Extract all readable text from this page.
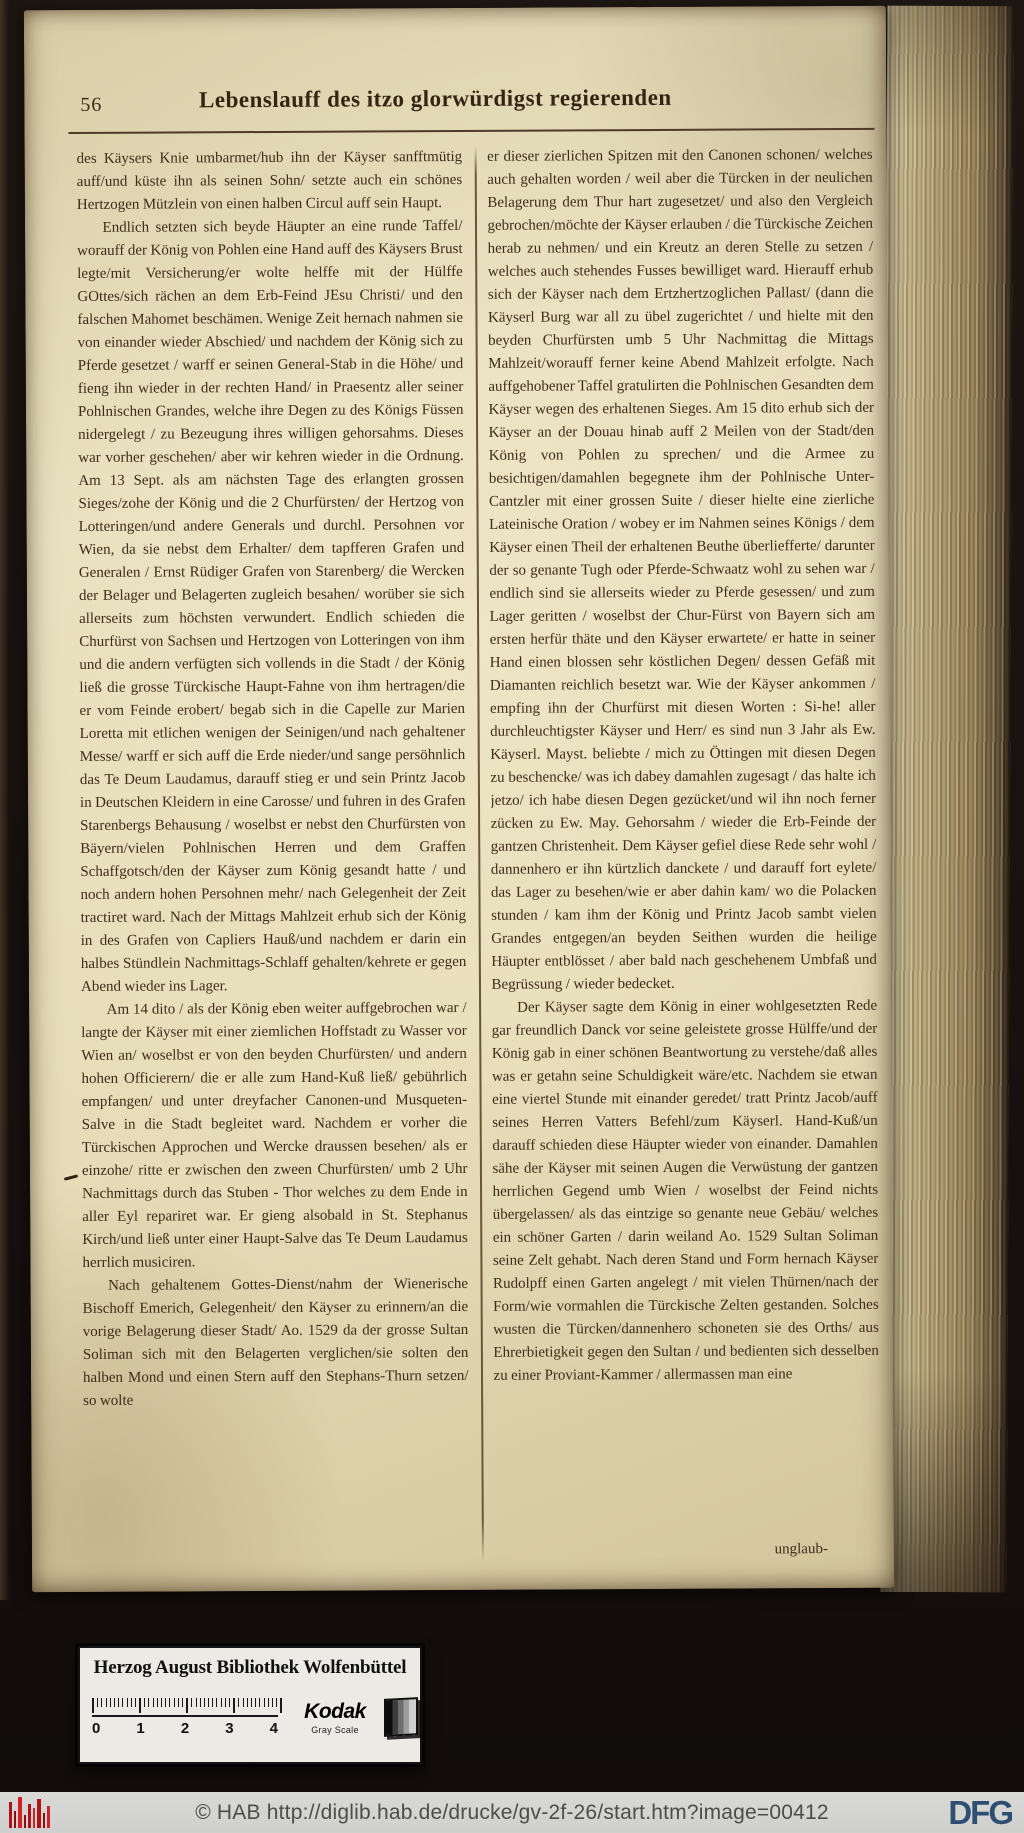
56	Lebenslauff des itzo glorwürdigst regierenden

des Käysers Knie umbarmet/hub ihn der Käyser sanfftmütig auff/und küste ihn als seinen Sohn/ setzte auch ein schönes Hertzogen Mützlein von einen halben Circul auff sein Haupt.

Endlich setzten sich beyde Häupter an eine runde Taffel/ worauff der König von Pohlen eine Hand auff des Käysers Brust legte/mit Versicherung/er wolte helffe mit der Hülffe GOttes/sich rächen an dem Erb-Feind JEsu Christi/ und den falschen Mahomet beschämen. Wenige Zeit hernach nahmen sie von einander wieder Abschied/ und nachdem der König sich zu Pferde gesetzet / warff er seinen General-Stab in die Höhe/ und fieng ihn wieder in der rechten Hand/ in Praesentz aller seiner Pohlnischen Grandes, welche ihre Degen zu des Königs Füssen nidergelegt / zu Bezeugung ihres willigen gehorsahms. Dieses war vorher geschehen/ aber wir kehren wieder in die Ordnung. Am 13 Sept. als am nächsten Tage des erlangten grossen Sieges/zohe der König und die 2 Churfürsten/ der Hertzog von Lotteringen/und andere Generals und durchl. Persohnen vor Wien, da sie nebst dem Erhalter/ dem tapfferen Grafen und Generalen / Ernst Rüdiger Grafen von Starenberg/ die Wercken der Belager und Belagerten zugleich besahen/ worüber sie sich allerseits zum höchsten verwundert. Endlich schieden die Churfürst von Sachsen und Hertzogen von Lotteringen von ihm und die andern verfügten sich vollends in die Stadt / der König ließ die grosse Türckische Haupt-Fahne von ihm hertragen/die er vom Feinde erobert/ begab sich in die Capelle zur Marien Loretta mit etlichen wenigen der Seinigen/und nach gehaltener Messe/ warff er sich auff die Erde nieder/und sange persöhnlich das Te Deum Laudamus, darauff stieg er und sein Printz Jacob in Deutschen Kleidern in eine Carosse/ und fuhren in des Grafen Starenbergs Behausung / woselbst er nebst den Churfürsten von Bäyern/vielen Pohlnischen Herren und dem Graffen Schaffgotsch/den der Käyser zum König gesandt hatte / und noch andern hohen Persohnen mehr/ nach Gelegenheit der Zeit tractiret ward. Nach der Mittags Mahlzeit erhub sich der König in des Grafen von Capliers Hauß/und nachdem er darin ein halbes Stündlein Nachmittags-Schlaff gehalten/kehrete er gegen Abend wieder ins Lager.

Am 14 dito / als der König eben weiter auffgebrochen war / langte der Käyser mit einer ziemlichen Hoffstadt zu Wasser vor Wien an/ woselbst er von den beyden Churfürsten/ und andern hohen Officierern/ die er alle zum Hand-Kuß ließ/ gebührlich empfangen/ und unter dreyfacher Canonen-und Musqueten-Salve in die Stadt begleitet ward. Nachdem er vorher die Türckischen Approchen und Wercke draussen besehen/ als er einzohe/ ritte er zwischen den zween Churfürsten/ umb 2 Uhr Nachmittags durch das Stuben - Thor welches zu dem Ende in aller Eyl repariret war. Er gieng alsobald in St. Stephanus Kirch/und ließ unter einer Haupt-Salve das Te Deum Laudamus herrlich musiciren.

Nach gehaltenem Gottes-Dienst/nahm der Wienerische Bischoff Emerich, Gelegenheit/ den Käyser zu erinnern/an die vorige Belagerung dieser Stadt/ Ao. 1529 da der grosse Sultan Soliman sich mit den Belagerten verglichen/sie solten den halben Mond und einen Stern auff den Stephans-Thurn setzen/ so wolte

er dieser zierlichen Spitzen mit den Canonen schonen/ welches auch gehalten worden / weil aber die Türcken in der neulichen Belagerung dem Thur hart zugesetzet/ und also den Vergleich gebrochen/möchte der Käyser erlauben / die Türckische Zeichen herab zu nehmen/ und ein Kreutz an deren Stelle zu setzen / welches auch stehendes Fusses bewilliget ward. Hierauff erhub sich der Käyser nach dem Ertzhertzoglichen Pallast/ (dann die Käyserl Burg war all zu übel zugerichtet / und hielte mit den beyden Churfürsten umb 5 Uhr Nachmittag die Mittags Mahlzeit/worauff ferner keine Abend Mahlzeit erfolgte. Nach auffgehobener Taffel gratulirten die Pohlnischen Gesandten dem Käyser wegen des erhaltenen Sieges. Am 15 dito erhub sich der Käyser an der Douau hinab auff 2 Meilen von der Stadt/den König von Pohlen zu sprechen/ und die Armee zu besichtigen/damahlen begegnete ihm der Pohlnische Unter-Cantzler mit einer grossen Suite / dieser hielte eine zierliche Lateinische Oration / wobey er im Nahmen seines Königs / dem Käyser einen Theil der erhaltenen Beuthe überliefferte/ darunter der so genante Tugh oder Pferde-Schwaatz wohl zu sehen war / endlich sind sie allerseits wieder zu Pferde gesessen/ und zum Lager geritten / woselbst der Chur-Fürst von Bayern sich am ersten herfür thäte und den Käyser erwartete/ er hatte in seiner Hand einen blossen sehr köstlichen Degen/ dessen Gefäß mit Diamanten reichlich besetzt war. Wie der Käyser ankommen / empfing ihn der Churfürst mit diesen Worten : Si-he! aller durchleuchtigster Käyser und Herr/ es sind nun 3 Jahr als Ew. Käyserl. Mayst. beliebte / mich zu Öttingen mit diesen Degen zu beschencke/ was ich dabey damahlen zugesagt / das halte ich jetzo/ ich habe diesen Degen gezücket/und wil ihn noch ferner zücken zu Ew. May. Gehorsahm / wieder die Erb-Feinde der gantzen Christenheit. Dem Käyser gefiel diese Rede sehr wohl / dannenhero er ihn kürtzlich danckete / und darauff fort eylete/ das Lager zu besehen/wie er aber dahin kam/ wo die Polacken stunden / kam ihm der König und Printz Jacob sambt vielen Grandes entgegen/an beyden Seithen wurden die heilige Häupter entblösset / aber bald nach geschehenem Umbfaß und Begrüssung / wieder bedecket.

Der Käyser sagte dem König in einer wohlgesetzten Rede gar freundlich Danck vor seine geleistete grosse Hülffe/und der König gab in einer schönen Beantwortung zu verstehe/daß alles was er getahn seine Schuldigkeit wäre/etc. Nachdem sie etwan eine viertel Stunde mit einander geredet/ tratt Printz Jacob/auff seines Herren Vatters Befehl/zum Käyserl. Hand-Kuß/un darauff schieden diese Häupter wieder von einander. Damahlen sähe der Käyser mit seinen Augen die Verwüstung der gantzen herrlichen Gegend umb Wien / woselbst der Feind nichts übergelassen/ als das eintzige so genante neue Gebäu/ welches ein schöner Garten / darin weiland Ao. 1529 Sultan Soliman seine Zelt gehabt. Nach deren Stand und Form hernach Käyser Rudolpff einen Garten angelegt / mit vielen Thürnen/nach der Form/wie vormahlen die Türckische Zelten gestanden. Solches wusten die Türcken/dannenhero schoneten sie des Orths/ aus Ehrerbietigkeit gegen den Sultan / und bedienten sich desselben zu einer Proviant-Kammer / allermassen man eine

unglaub-
Herzog August Bibliothek Wolfenbüttel
0 1 2 3 4
Kodak
Gray Scale
© HAB http://diglib.hab.de/drucke/gv-2f-26/start.htm?image=00412	DFG
